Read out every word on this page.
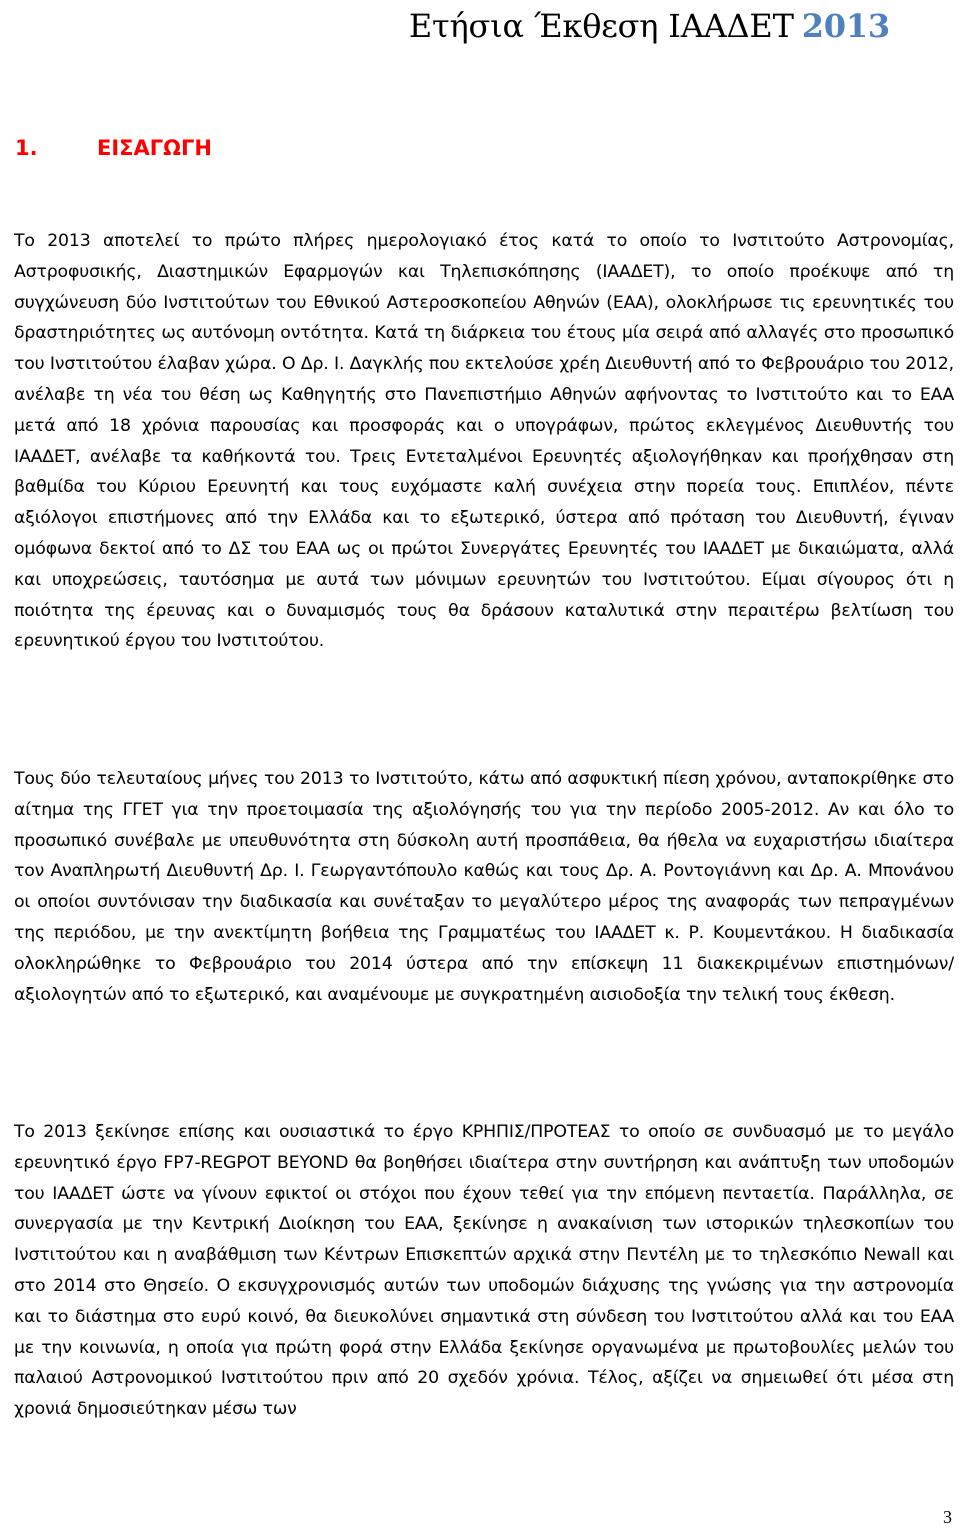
Ετήσια Έκθεση ΙΑΑΔΕΤ 2013
1.	ΕΙΣΑΓΩΓΗ

Το 2013 αποτελεί το πρώτο πλήρες ημερολογιακό έτος κατά το οποίο το Ινστιτούτο Αστρονομίας, Αστροφυσικής, Διαστημικών Εφαρμογών και Τηλεπισκόπησης (ΙΑΑΔΕΤ), το οποίο προέκυψε από τη συγχώνευση δύο Ινστιτούτων του Εθνικού Αστεροσκοπείου Αθηνών (ΕΑΑ), ολοκλήρωσε τις ερευνητικές του δραστηριότητες ως αυτόνομη οντότητα. Κατά τη διάρκεια του έτους μία σειρά από αλλαγές στο προσωπικό του Ινστιτούτου έλαβαν χώρα. Ο Δρ. Ι. Δαγκλής που εκτελούσε χρέη Διευθυντή από το Φεβρουάριο του 2012, ανέλαβε τη νέα του θέση ως Καθηγητής στο Πανεπιστήμιο Αθηνών αφήνοντας το Ινστιτούτο και το ΕΑΑ μετά από 18 χρόνια παρουσίας και προσφοράς και ο υπογράφων, πρώτος εκλεγμένος Διευθυντής του ΙΑΑΔΕΤ, ανέλαβε τα καθήκοντά του. Τρεις Εντεταλμένοι Ερευνητές αξιολογήθηκαν και προήχθησαν στη βαθμίδα του Κύριου Ερευνητή και τους ευχόμαστε καλή συνέχεια στην πορεία τους. Επιπλέον, πέντε αξιόλογοι επιστήμονες από την Ελλάδα και το εξωτερικό, ύστερα από πρόταση του Διευθυντή, έγιναν ομόφωνα δεκτοί από το ΔΣ του ΕΑΑ ως οι πρώτοι Συνεργάτες Ερευνητές του ΙΑΑΔΕΤ με δικαιώματα, αλλά και υποχρεώσεις, ταυτόσημα με αυτά των μόνιμων ερευνητών του Ινστιτούτου. Είμαι σίγουρος ότι η ποιότητα της έρευνας και ο δυναμισμός τους θα δράσουν καταλυτικά στην περαιτέρω βελτίωση του ερευνητικού έργου του Ινστιτούτου.

Τους δύο τελευταίους μήνες του 2013 το Ινστιτούτο, κάτω από ασφυκτική πίεση χρόνου, ανταποκρίθηκε στο αίτημα της ΓΓΕΤ για την προετοιμασία της αξιολόγησής του για την περίοδο 2005-2012. Αν και όλο το προσωπικό συνέβαλε με υπευθυνότητα στη δύσκολη αυτή προσπάθεια, θα ήθελα να ευχαριστήσω ιδιαίτερα τον Αναπληρωτή Διευθυντή Δρ. Ι. Γεωργαντόπουλο καθώς και τους Δρ. Α. Ροντογιάννη και Δρ. Α. Μπονάνου οι οποίοι συντόνισαν την διαδικασία και συνέταξαν το μεγαλύτερο μέρος της αναφοράς των πεπραγμένων της περιόδου, με την ανεκτίμητη βοήθεια της Γραμματέως του ΙΑΑΔΕΤ κ. Ρ. Κουμεντάκου. Η διαδικασία ολοκληρώθηκε το Φεβρουάριο του 2014 ύστερα από την επίσκεψη 11 διακεκριμένων επιστημόνων/αξιολογητών από το εξωτερικό, και αναμένουμε με συγκρατημένη αισιοδοξία την τελική τους έκθεση.

Το 2013 ξεκίνησε επίσης και ουσιαστικά το έργο ΚΡΗΠΙΣ/ΠΡΟΤΕΑΣ το οποίο σε συνδυασμό με το μεγάλο ερευνητικό έργο FP7-REGPOT BEYOND θα βοηθήσει ιδιαίτερα στην συντήρηση και ανάπτυξη των υποδομών του ΙΑΑΔΕΤ ώστε να γίνουν εφικτοί οι στόχοι που έχουν τεθεί για την επόμενη πενταετία. Παράλληλα, σε συνεργασία με την Κεντρική Διοίκηση του ΕΑΑ, ξεκίνησε η ανακαίνιση των ιστορικών τηλεσκοπίων του Ινστιτούτου και η αναβάθμιση των Κέντρων Επισκεπτών αρχικά στην Πεντέλη με το τηλεσκόπιο Newall και στο 2014 στο Θησείο. Ο εκσυγχρονισμός αυτών των υποδομών διάχυσης της γνώσης για την αστρονομία και το διάστημα στο ευρύ κοινό, θα διευκολύνει σημαντικά στη σύνδεση του Ινστιτούτου αλλά και του ΕΑΑ με την κοινωνία, η οποία για πρώτη φορά στην Ελλάδα ξεκίνησε οργανωμένα με πρωτοβουλίες μελών του παλαιού Αστρονομικού Ινστιτούτου πριν από 20 σχεδόν χρόνια. Τέλος, αξίζει να σημειωθεί ότι μέσα στη χρονιά δημοσιεύτηκαν μέσω των

3
